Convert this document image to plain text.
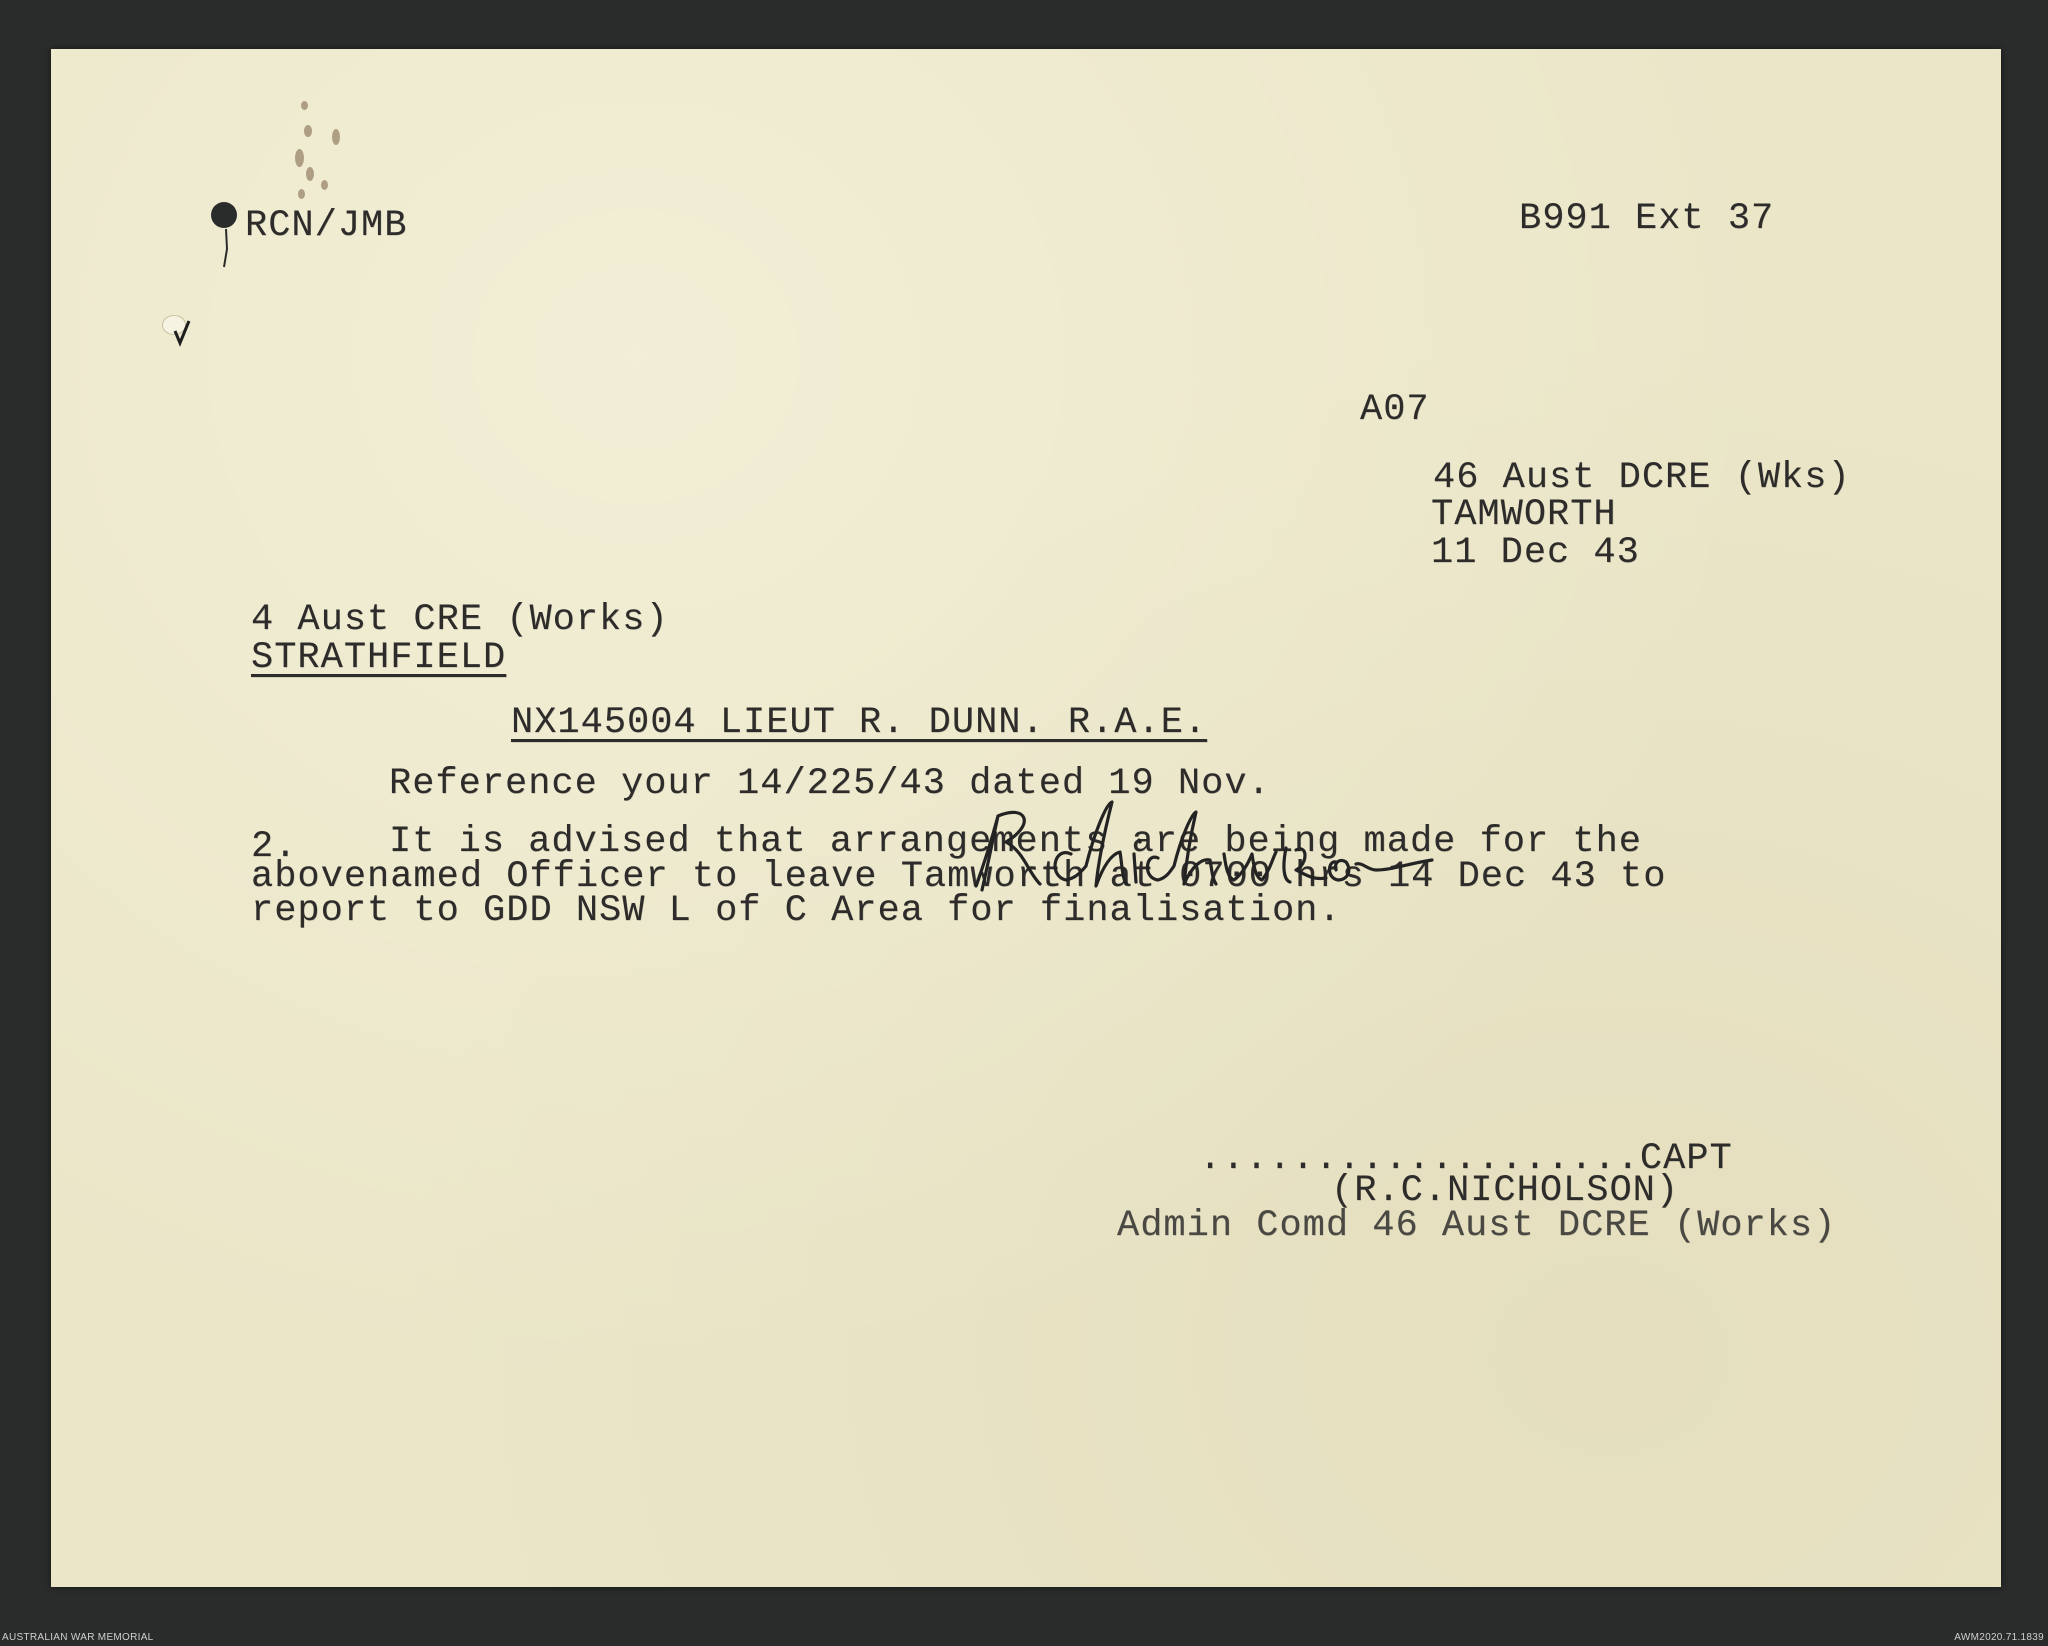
RCN/JMB	B991 Ext 37
A07
46 Aust DCRE (Wks)
TAMWORTH
11 Dec 43
4 Aust CRE (Works)
STRATHFIELD
NX145004 LIEUT R. DUNN. R.A.E.
Reference your 14/225/43 dated 19 Nov.
2. It is advised that arrangements are being made for the
abovenamed Officer to leave Tamworth at 0700 hrs 14 Dec 43 to
report to GDD NSW L of C Area for finalisation.
...................CAPT
(R.C.NICHOLSON)
Admin Comd 46 Aust DCRE (Works)
AUSTRALIAN WAR MEMORIAL	AWM2020.71.1839
